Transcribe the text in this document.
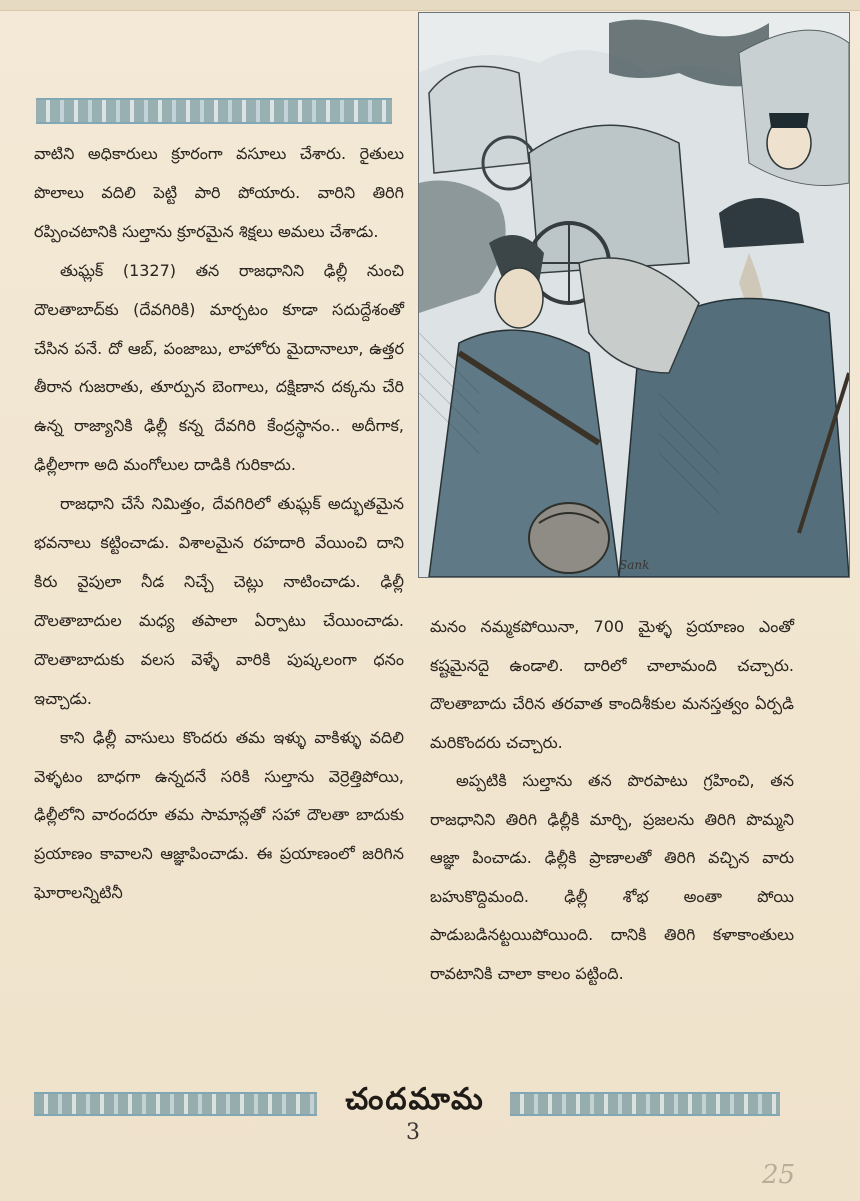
వాటిని అధికారులు క్రూరంగా వసూలు చేశారు. రైతులు పొలాలు వదిలి పెట్టి పారి పోయారు. వారిని తిరిగి రప్పించటానికి సుల్తాను క్రూరమైన శిక్షలు అమలు చేశాడు.

తుఘ్లక్ (1327) తన రాజధానిని ఢిల్లీ నుంచి దౌలతాబాద్‌కు (దేవగిరికి) మార్చటం కూడా సదుద్దేశంతో చేసిన పనే. దో ఆబ్, పంజాబు, లాహోరు మైదానాలూ, ఉత్తర తీరాన గుజరాతు, తూర్పున బెంగాలు, దక్షిణాన దక్కను చేరి ఉన్న రాజ్యానికి ఢిల్లీ కన్న దేవగిరి కేంద్రస్థానం.. అదీగాక, ఢిల్లీలాగా అది మంగోలుల దాడికి గురికాదు.

రాజధాని చేసే నిమిత్తం, దేవగిరిలో తుఘ్లక్ అద్భుతమైన భవనాలు కట్టించాడు. విశాలమైన రహదారి వేయించి దాని కిరు వైపులా నీడ నిచ్చే చెట్లు నాటించాడు. ఢిల్లీ దౌలతాబాదుల మధ్య తపాలా ఏర్పాటు చేయించాడు. దౌలతాబాదుకు వలస వెళ్ళే వారికి పుష్కలంగా ధనం ఇచ్చాడు.

కాని ఢిల్లీ వాసులు కొందరు తమ ఇళ్ళు వాకిళ్ళు వదిలి వెళ్ళటం బాధగా ఉన్నదనే సరికి సుల్తాను వెర్రెత్తిపోయి, ఢిల్లీలోని వారందరూ తమ సామాన్లతో సహా దౌలతా బాదుకు ప్రయాణం కావాలని ఆజ్ఞాపించాడు. ఈ ప్రయాణంలో జరిగిన ఘోరాలన్నిటినీ

Sank

మనం నమ్మకపోయినా, 700 మైళ్ళ ప్రయాణం ఎంతో కష్టమైనదై ఉండాలి. దారిలో చాలామంది చచ్చారు. దౌలతాబాదు చేరిన తరవాత కాందిశీకుల మనస్తత్వం ఏర్పడి మరికొందరు చచ్చారు.

అప్పటికి సుల్తాను తన పొరపాటు గ్రహించి, తన రాజధానిని తిరిగి ఢిల్లీకి మార్చి, ప్రజలను తిరిగి పొమ్మని ఆజ్ఞా పించాడు. ఢిల్లీకి ప్రాణాలతో తిరిగి వచ్చిన వారు బహుకొద్దిమంది. ఢిల్లీ శోభ అంతా పోయి పాడుబడినట్టయిపోయింది. దానికి తిరిగి కళాకాంతులు రావటానికి చాలా కాలం పట్టింది.

చందమామ
3
25
